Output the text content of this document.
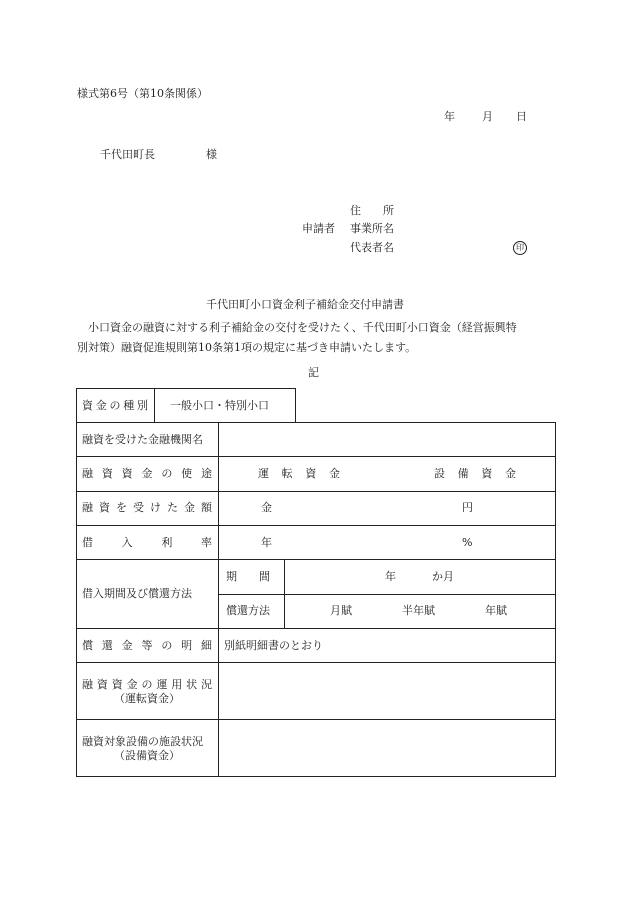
様式第6号（第10条関係）
年 月 日
千代田町長	様
住　　所
申請者 事業所名
代表者名	印
千代田町小口資金利子補給金交付申請書
小口資金の融資に対する利子補給金の交付を受けたく、千代田町小口資金（経営振興特
別対策）融資促進規則第10条第1項の規定に基づき申請いたします。
記
資 金 の 種 別 一般小口・特別小口
融資を受けた金融機関名
融 資 資 金 の 使 途	運 転 資 金	設 備 資 金
融 資 を 受 け た 金 額	金	円
借	入	利	率	年	%
借入期間及び償還方法
期　　間	年	か月
償還方法	月賦	半年賦	年賦
償 還 金 等 の 明 細 別紙明細書のとおり
融 資 資 金 の 運 用 状 況
（運転資金）
融資対象設備の施設状況
（設備資金）
